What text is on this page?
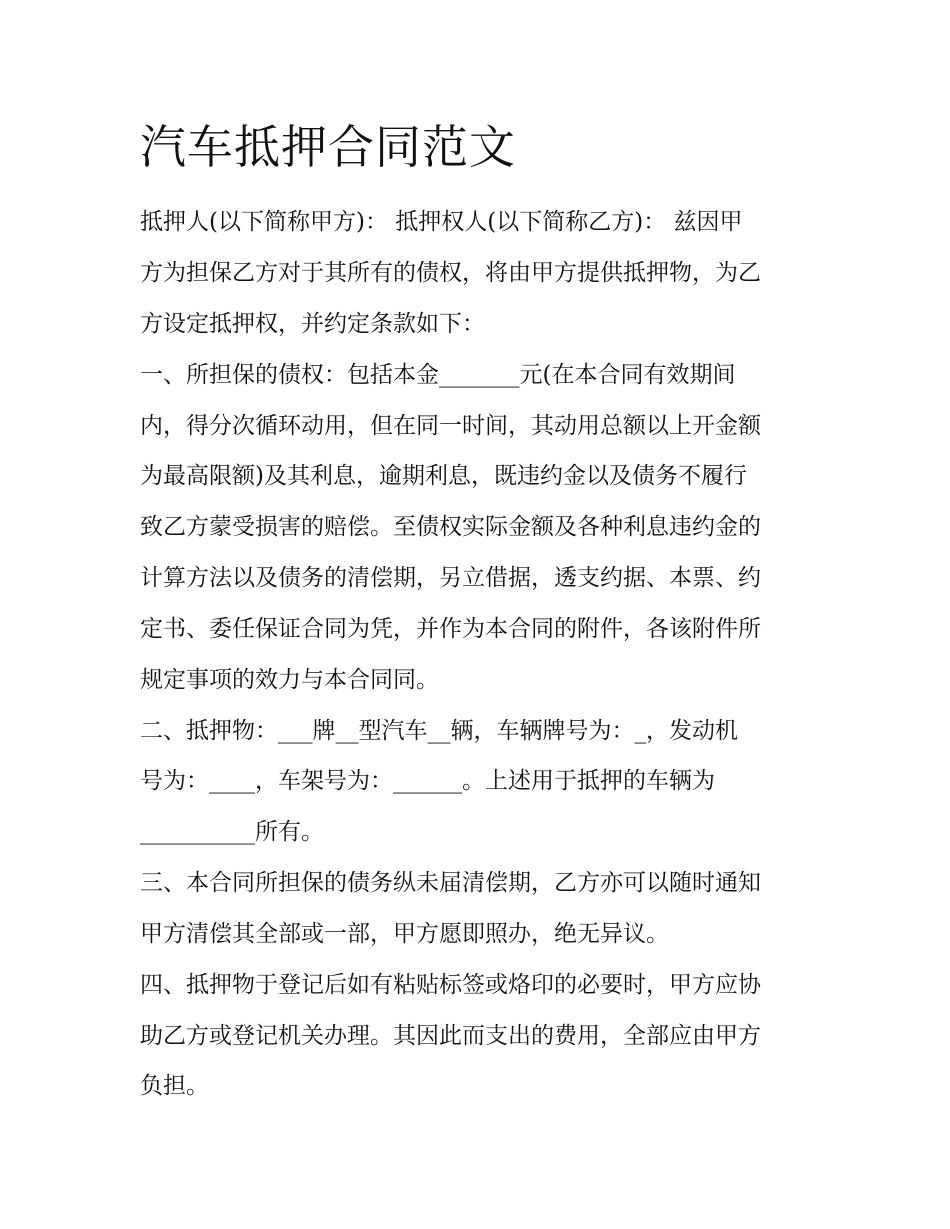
汽车抵押合同范文

抵押人(以下简称甲方)： 抵押权人(以下简称乙方)： 兹因甲

方为担保乙方对于其所有的债权，将由甲方提供抵押物，为乙

方设定抵押权，并约定条款如下：

一、所担保的债权：包括本金_______元(在本合同有效期间

内，得分次循环动用，但在同一时间，其动用总额以上开金额

为最高限额)及其利息，逾期利息，既违约金以及债务不履行

致乙方蒙受损害的赔偿。至债权实际金额及各种利息违约金的

计算方法以及债务的清偿期，另立借据，透支约据、本票、约

定书、委任保证合同为凭，并作为本合同的附件，各该附件所

规定事项的效力与本合同同。

二、抵押物：___牌__型汽车__辆，车辆牌号为：_，发动机

号为：____，车架号为：______。上述用于抵押的车辆为

__________所有。

三、本合同所担保的债务纵未届清偿期，乙方亦可以随时通知

甲方清偿其全部或一部，甲方愿即照办，绝无异议。

四、抵押物于登记后如有粘贴标签或烙印的必要时，甲方应协

助乙方或登记机关办理。其因此而支出的费用，全部应由甲方

负担。
